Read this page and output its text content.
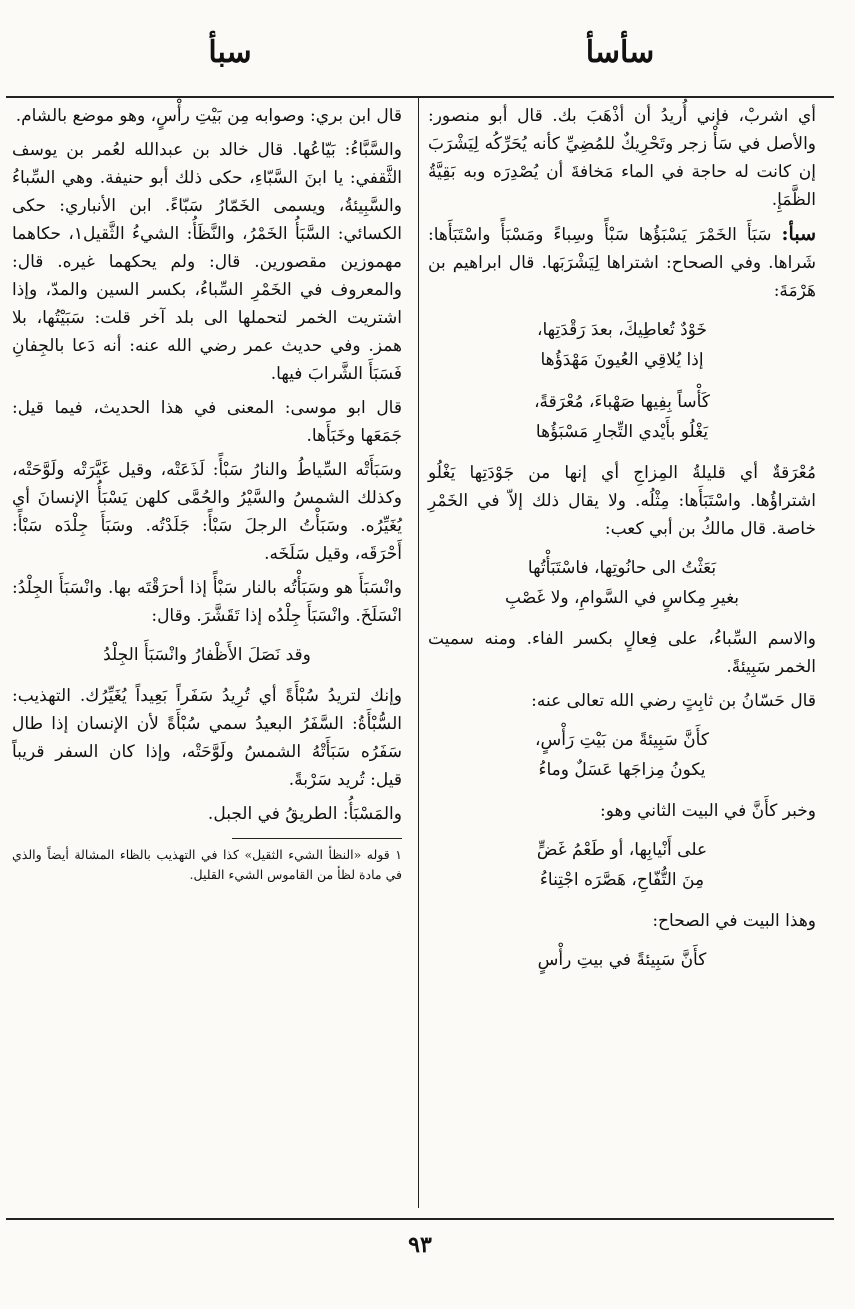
سأسأ
سبأ

أي اشربْ، فإني أُريدُ أن أذْهَبَ بك. قال أبو منصور: والأصل في سَأْ زجر وتَحْرِيكٌ للمُضِيِّ كأنه يُحَرِّكُه لِيَشْرَبَ إن كانت له حاجة في الماء مَخافةَ أن يُصْدِرَه وبه بَقِيَّةُ الظَّمَإِ.

سبأ: سَبَأَ الخَمْرَ يَسْبَؤُها سَبْأً وسِباءً ومَسْبَأً واسْتَبَأَها: شَراها. وفي الصحاح: اشتراها لِيَشْرَبَها. قال ابراهيم بن هَرْمَةَ:

خَوْدٌ تُعاطِيكَ، بعدَ رَقْدَتِها،

إذا يُلاقِي العُيونَ مَهْدَؤُها

كَأْساً بِفِيها صَهْباءَ، مُعْرَقةً،

يَغْلُو بأَيْدي التِّجارِ مَسْبَؤُها

مُعْرَقةٌ أي قليلةُ المِزاجِ أي إنها من جَوْدَتِها يَغْلُو اشتراؤُها. واسْتَبَأَها: مِثْلُه. ولا يقال ذلك إلاّ في الخَمْرِ خاصة. قال مالكُ بن أبي كعب:

بَعَثْتُ الى حانُوتِها، فاسْتَبَأْتُها

بغيرِ مِكاسٍ في السَّوامِ، ولا غَصْبِ

والاسم السِّباءُ، على فِعالٍ بكسر الفاء. ومنه سميت الخمر سَبِيئةً.

قال حَسّانُ بن ثابِتٍ رضي الله تعالى عنه:

كأَنَّ سَبِيئةً من بَيْتِ رَأْسٍ،

يكونُ مِزاجَها عَسَلٌ وماءُ

وخبر كأَنَّ في البيت الثاني وهو:

على أَنْيابِها، أو طَعْمُ غَضٍّ

مِنَ التُّفّاحِ، هَصَّرَه اجْتِناءُ

وهذا البيت في الصحاح:

كأَنَّ سَبِيئةً في بيتِ رأْسٍ

قال ابن بري: وصوابه مِن بَيْتِ رأْسٍ، وهو موضع بالشام.

والسَّبَّاءُ: بَيّاعُها. قال خالد بن عبدالله لعُمر بن يوسف الثَّقفي: يا ابنَ السَّبّاءِ، حكى ذلك أبو حنيفة. وهي السِّباءُ والسَّبِيئةُ، ويسمى الخَمّارُ سَبّاءً. ابن الأنباري: حكى الكسائي: السَّبَأُ الخَمْرُ، والنَّظَأُ: الشيءُ الثَّقيل١، حكاهما مهموزين مقصورين. قال: ولم يحكهما غيره. قال: والمعروف في الخَمْرِ السِّباءُ، بكسر السين والمدّ، وإذا اشتريت الخمر لتحملها الى بلد آخر قلت: سَبَيْتُها، بلا همز. وفي حديث عمر رضي الله عنه: أنه دَعا بالجِفانِ فَسَبَأَ الشَّرابَ فيها.

قال ابو موسى: المعنى في هذا الحديث، فيما قيل: جَمَعَها وخَبَأَها.

وسَبَأَتْه السِّياطُ والنارُ سَبْأً: لَذَعَتْه، وقيل غَيَّرَتْه ولَوَّحَتْه، وكذلك الشمسُ والسَّيْرُ والحُمَّى كلهن يَسْبَأُ الإنسانَ أي يُغَيِّرُه. وسَبَأْتُ الرجلَ سَبْأً: جَلَدْتُه. وسَبَأَ جِلْدَه سَبْأً: أَحْرَقَه، وقيل سَلَخَه.

وانْسَبَأَ هو وسَبَأْتُه بالنار سَبْأً إذا أحرَقْتَه بها. وانْسَبَأَ الجِلْدُ: انْسَلَخَ. وانْسَبَأَ جِلْدُه إذا تَقَشَّرَ. وقال:

وقد نَصَلَ الأَظْفارُ وانْسَبَأَ الجِلْدُ

وإنك لتريدُ سُبْأَةً أي تُرِيدُ سَفَراً بَعِيداً يُغَيِّرُك. التهذيب: السُّبْأَةُ: السَّفَرُ البعيدُ سمي سُبْأَةً لأن الإنسان إذا طال سَفَرُه سَبَأَتْهُ الشمسُ ولَوَّحَتْه، وإذا كان السفر قريباً قيل: تُريد سَرْبةً.

والمَسْبَأُ: الطريقُ في الجبل.

١ قوله «النظأ الشيء الثقيل» كذا في التهذيب بالظاء المشالة أيضاً والذي في مادة لظأ من القاموس الشيء القليل.

٩٣
